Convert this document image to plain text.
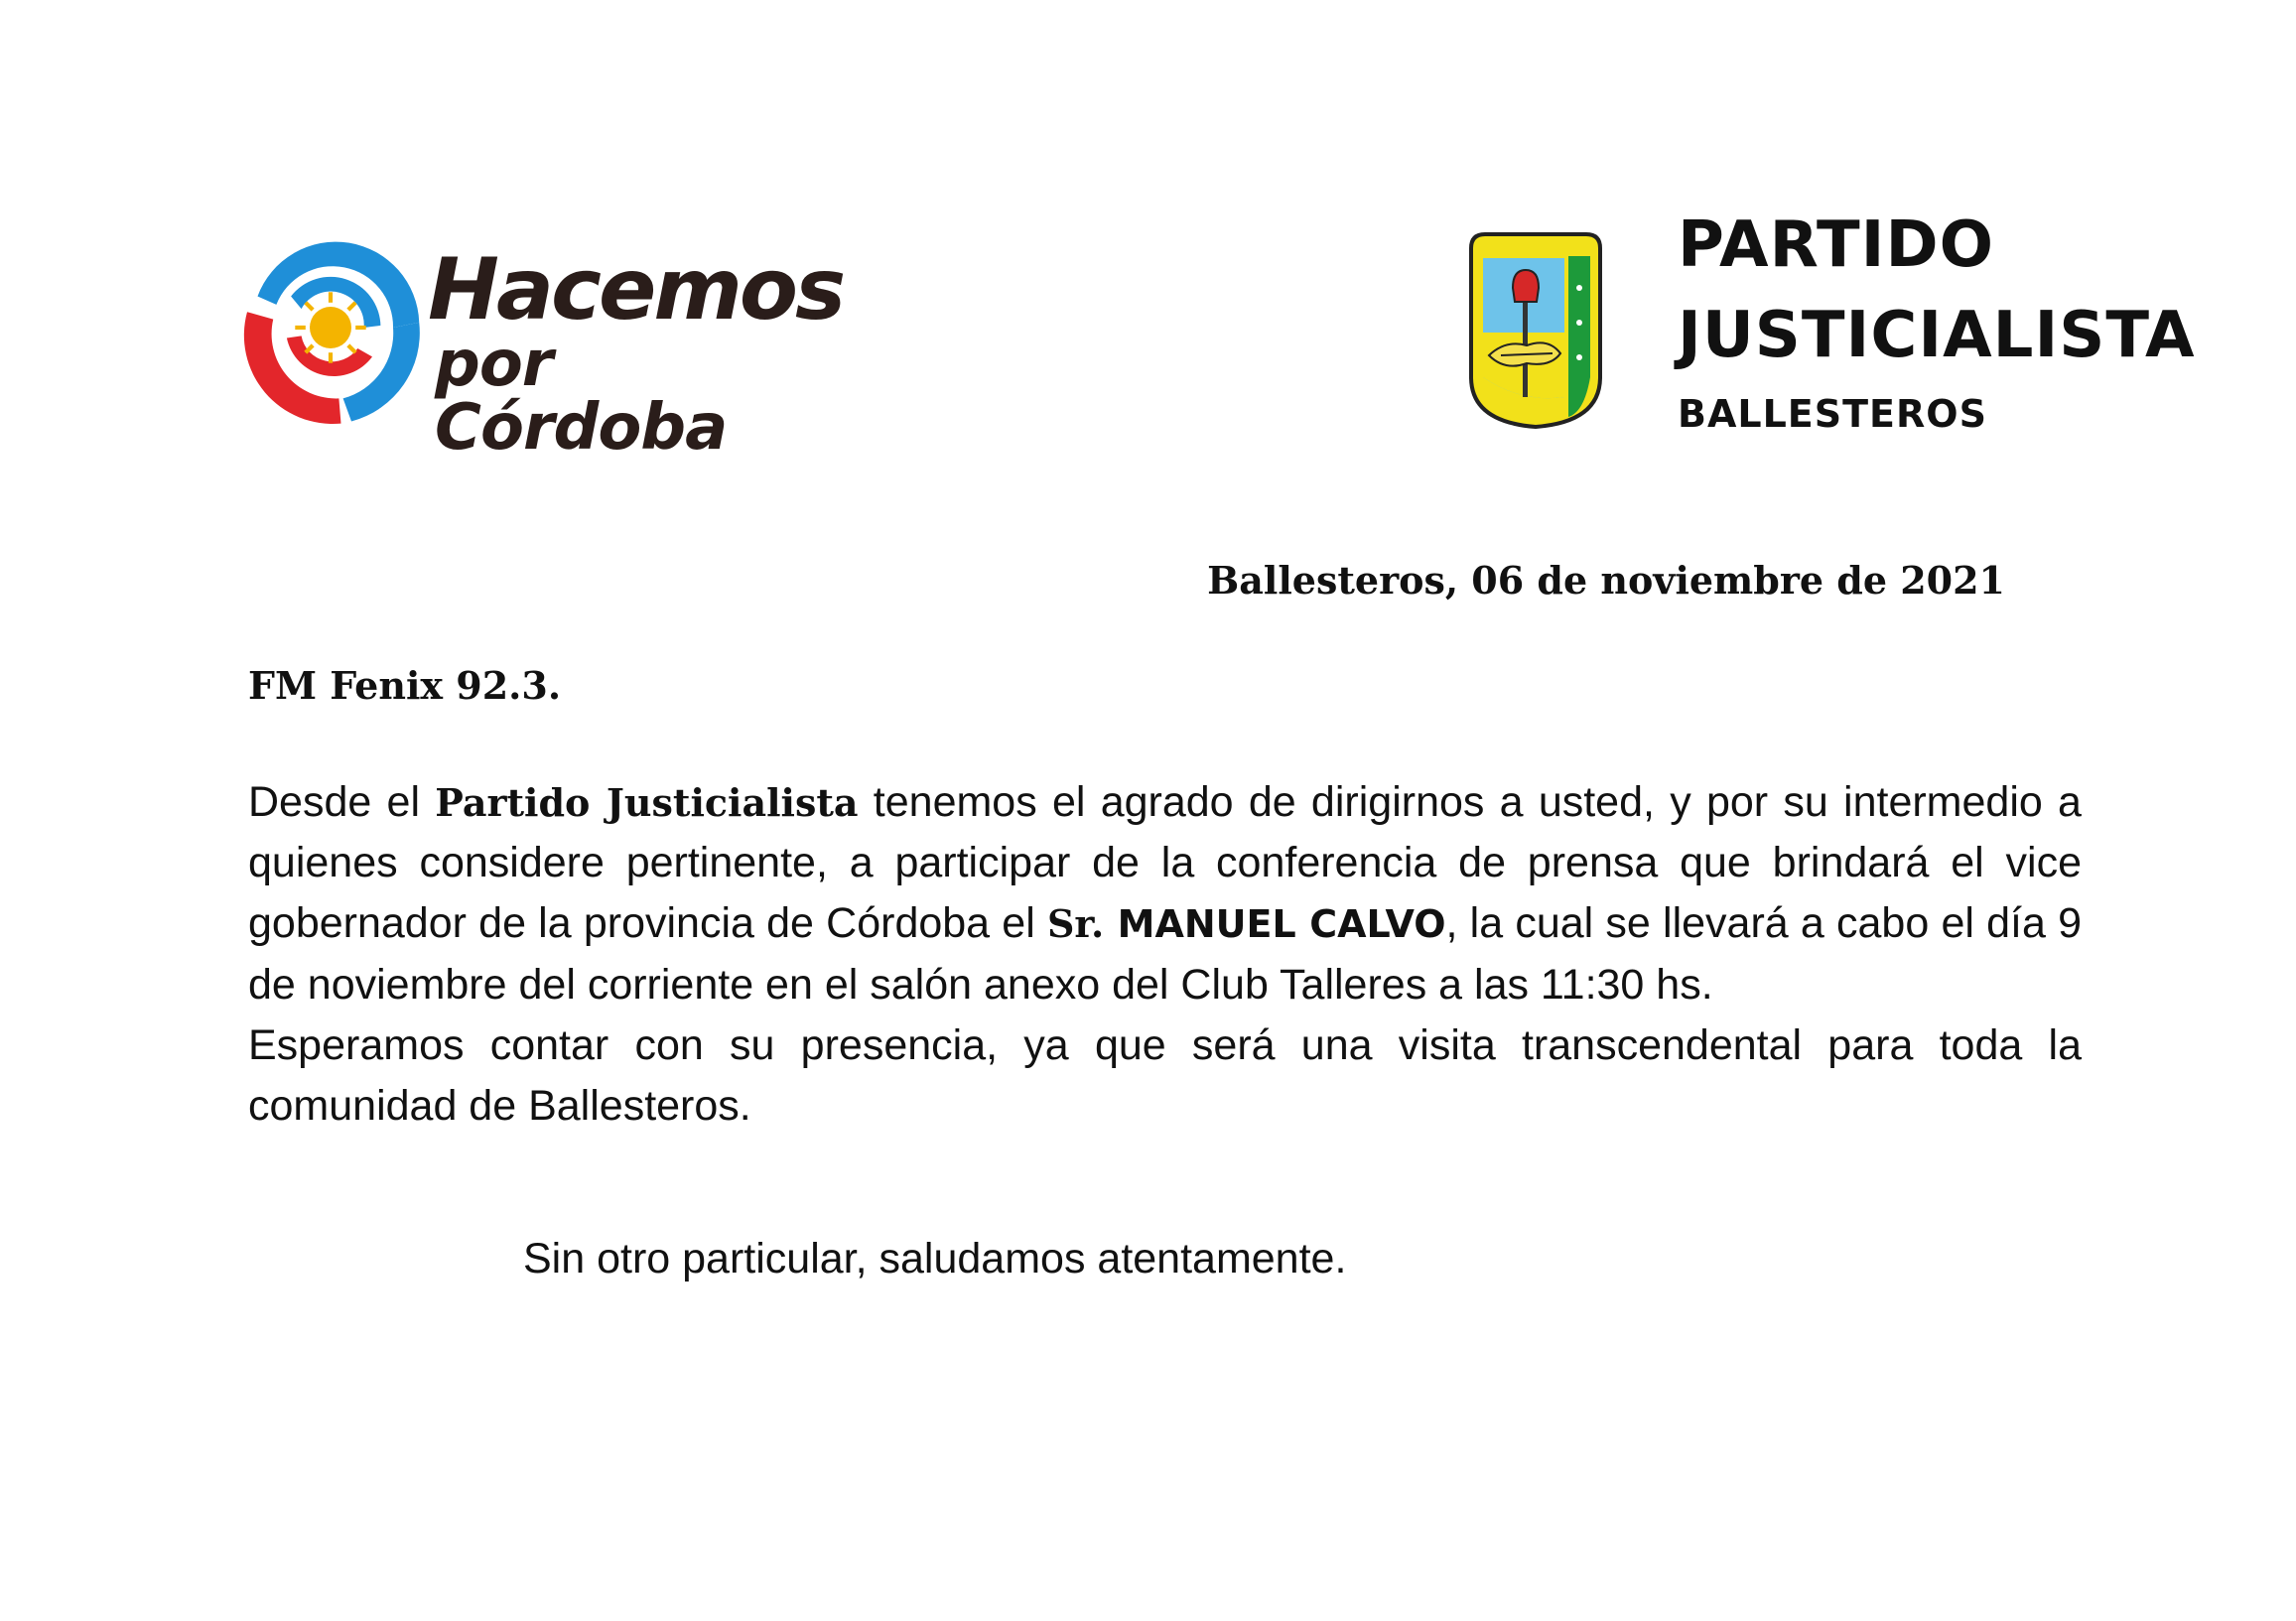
Hacemos
por Córdoba
PARTIDO
JUSTICIALISTA
BALLESTEROS
Ballesteros, 06 de noviembre de 2021
FM Fenix 92.3.

Desde el Partido Justicialista tenemos el agrado de dirigirnos a usted, y por su intermedio a quienes considere pertinente, a participar de la conferencia de prensa que brindará el vice gobernador de la provincia de Córdoba el Sr. MANUEL CALVO, la cual se llevará a cabo el día 9 de noviembre del corriente en el salón anexo del Club Talleres a las 11:30 hs.

Esperamos contar con su presencia, ya que será una visita transcendental para toda la comunidad de Ballesteros.

Sin otro particular, saludamos atentamente.
